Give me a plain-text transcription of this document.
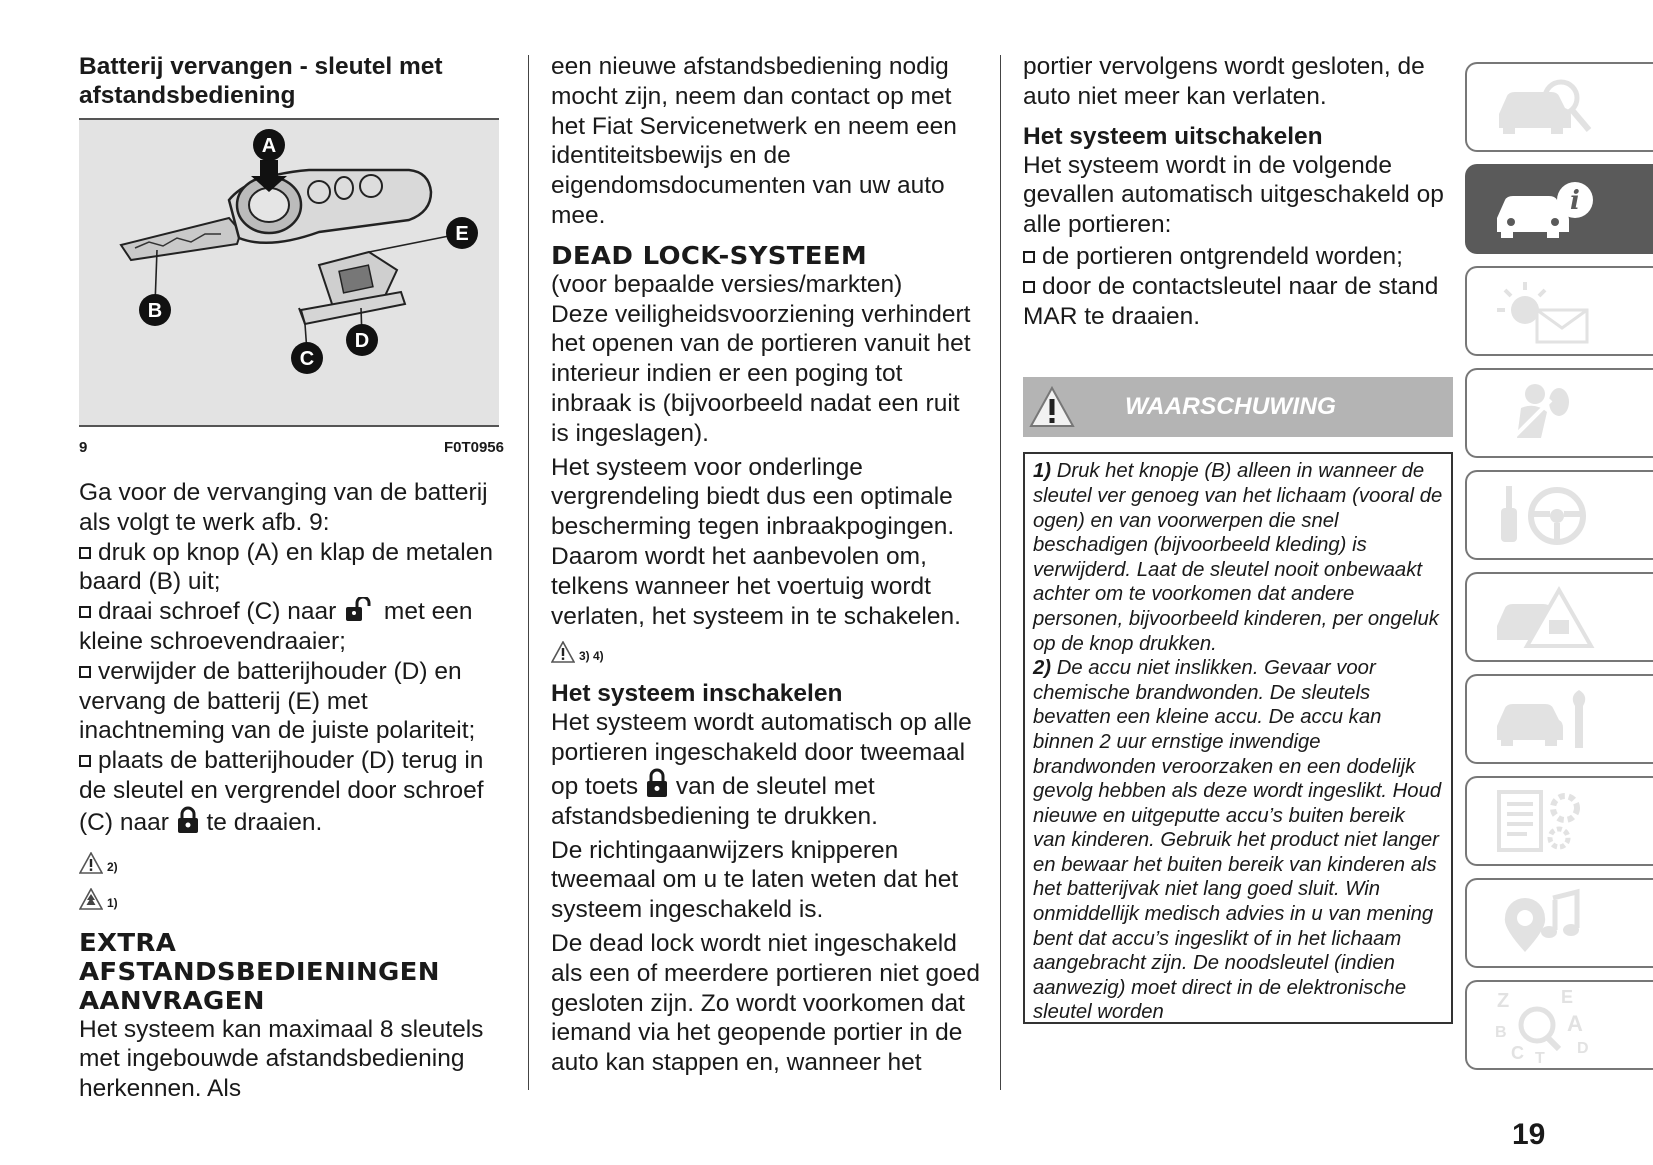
Batterij vervangen - sleutel met afstandsbediening
A
E
B
D
C
9	F0T0956

Ga voor de vervanging van de batterij als volgt te werk afb. 9:

druk op knop (A) en klap de metalen baard (B) uit;

draai schroef (C) naar met een kleine schroevendraaier;

verwijder de batterijhouder (D) en vervang de batterij (E) met inachtneming van de juiste polariteit;

plaats de batterijhouder (D) terug in de sleutel en vergrendel door schroef (C) naar te draaien.

2)
1)
EXTRA
AFSTANDSBEDIENINGEN
AANVRAGEN

Het systeem kan maximaal 8 sleutels met ingebouwde afstandsbediening herkennen. Als

een nieuwe afstandsbediening nodig mocht zijn, neem dan contact op met het Fiat Servicenetwerk en neem een identiteitsbewijs en de eigendomsdocumenten van uw auto mee.

DEAD LOCK-SYSTEEM

(voor bepaalde versies/markten)

Deze veiligheidsvoorziening verhindert het openen van de portieren vanuit het interieur indien er een poging tot inbraak is (bijvoorbeeld nadat een ruit is ingeslagen).

Het systeem voor onderlinge vergrendeling biedt dus een optimale bescherming tegen inbraakpogingen. Daarom wordt het aanbevolen om, telkens wanneer het voertuig wordt verlaten, het systeem in te schakelen.

3) 4)
Het systeem inschakelen

Het systeem wordt automatisch op alle portieren ingeschakeld door tweemaal op toets van de sleutel met afstandsbediening te drukken.

De richtingaanwijzers knipperen tweemaal om u te laten weten dat het systeem ingeschakeld is.

De dead lock wordt niet ingeschakeld als een of meerdere portieren niet goed gesloten zijn. Zo wordt voorkomen dat iemand via het geopende portier in de auto kan stappen en, wanneer het

portier vervolgens wordt gesloten, de auto niet meer kan verlaten.

Het systeem uitschakelen

Het systeem wordt in de volgende gevallen automatisch uitgeschakeld op alle portieren:

de portieren ontgrendeld worden;

door de contactsleutel naar de stand MAR te draaien.

WAARSCHUWING

1) Druk het knopje (B) alleen in wanneer de sleutel ver genoeg van het lichaam (vooral de ogen) en van voorwerpen die snel beschadigen (bijvoorbeeld kleding) is verwijderd. Laat de sleutel nooit onbewaakt achter om te voorkomen dat andere personen, bijvoorbeeld kinderen, per ongeluk op de knop drukken.

2) De accu niet inslikken. Gevaar voor chemische brandwonden. De sleutels bevatten een kleine accu. De accu kan binnen 2 uur ernstige inwendige brandwonden veroorzaken en een dodelijk gevolg hebben als deze wordt ingeslikt. Houd nieuwe en uitgeputte accu’s buiten bereik van kinderen. Gebruik het product niet langer en bewaar het buiten bereik van kinderen als het batterijvak niet lang goed sluit. Win onmiddellijk medisch advies in u van mening bent dat accu’s ingeslikt of in het lichaam aangebracht zijn. De noodsleutel (indien aanwezig) moet direct in de elektronische sleutel worden

i
Z	E
B	A
C T
D
19
